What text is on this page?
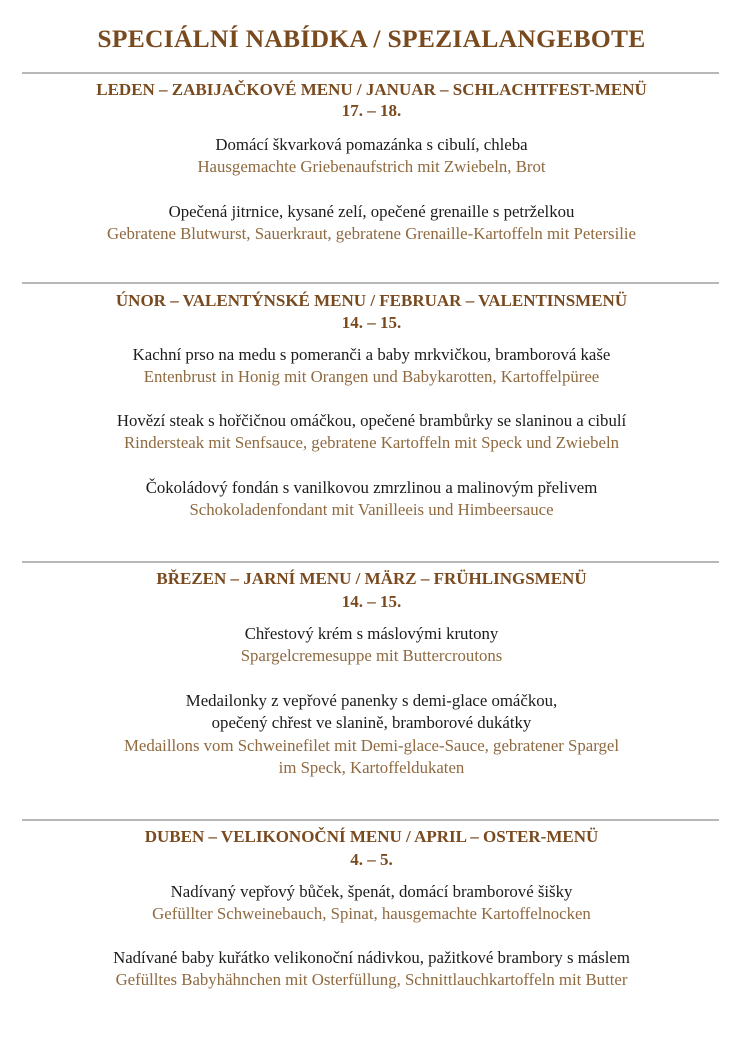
SPECIÁLNÍ NABÍDKA / SPEZIALANGEBOTE
LEDEN – ZABIJAČKOVÉ MENU / JANUAR – SCHLACHTFEST-MENÜ
17. – 18.
Domácí škvarková pomazánka s cibulí, chleba
Hausgemachte Griebenaufstrich mit Zwiebeln, Brot
Opečená jitrnice, kysané zelí, opečené grenaille s petrželkou
Gebratene Blutwurst, Sauerkraut, gebratene Grenaille-Kartoffeln mit Petersilie
ÚNOR – VALENTÝNSKÉ MENU / FEBRUAR – VALENTINSMENÜ
14. – 15.
Kachní prso na medu s pomeranči a baby mrkvičkou, bramborová kaše
Entenbrust in Honig mit Orangen und Babykarotten, Kartoffelpüree
Hovězí steak s hořčičnou omáčkou, opečené brambůrky se slaninou a cibulí
Rindersteak mit Senfsauce, gebratene Kartoffeln mit Speck und Zwiebeln
Čokoládový fondán s vanilkovou zmrzlinou a malinovým přelivem
Schokoladenfondant mit Vanilleeis und Himbeersauce
BŘEZEN – JARNÍ MENU / MÄRZ – FRÜHLINGSMENÜ
14. – 15.
Chřestový krém s máslovými krutony
Spargelcremesuppe mit Buttercroutons
Medailonky z vepřové panenky s demi-glace omáčkou,
opečený chřest ve slanině, bramborové dukátky
Medaillons vom Schweinefilet mit Demi-glace-Sauce, gebratener Spargel
im Speck, Kartoffeldukaten
DUBEN – VELIKONOČNÍ MENU / APRIL – OSTER-MENÜ
4. – 5.
Nadívaný vepřový bůček, špenát, domácí bramborové šišky
Gefüllter Schweinebauch, Spinat, hausgemachte Kartoffelnocken
Nadívané baby kuřátko velikonoční nádivkou, pažitkové brambory s máslem
Gefülltes Babyhähnchen mit Osterfüllung, Schnittlauchkartoffeln mit Butter
